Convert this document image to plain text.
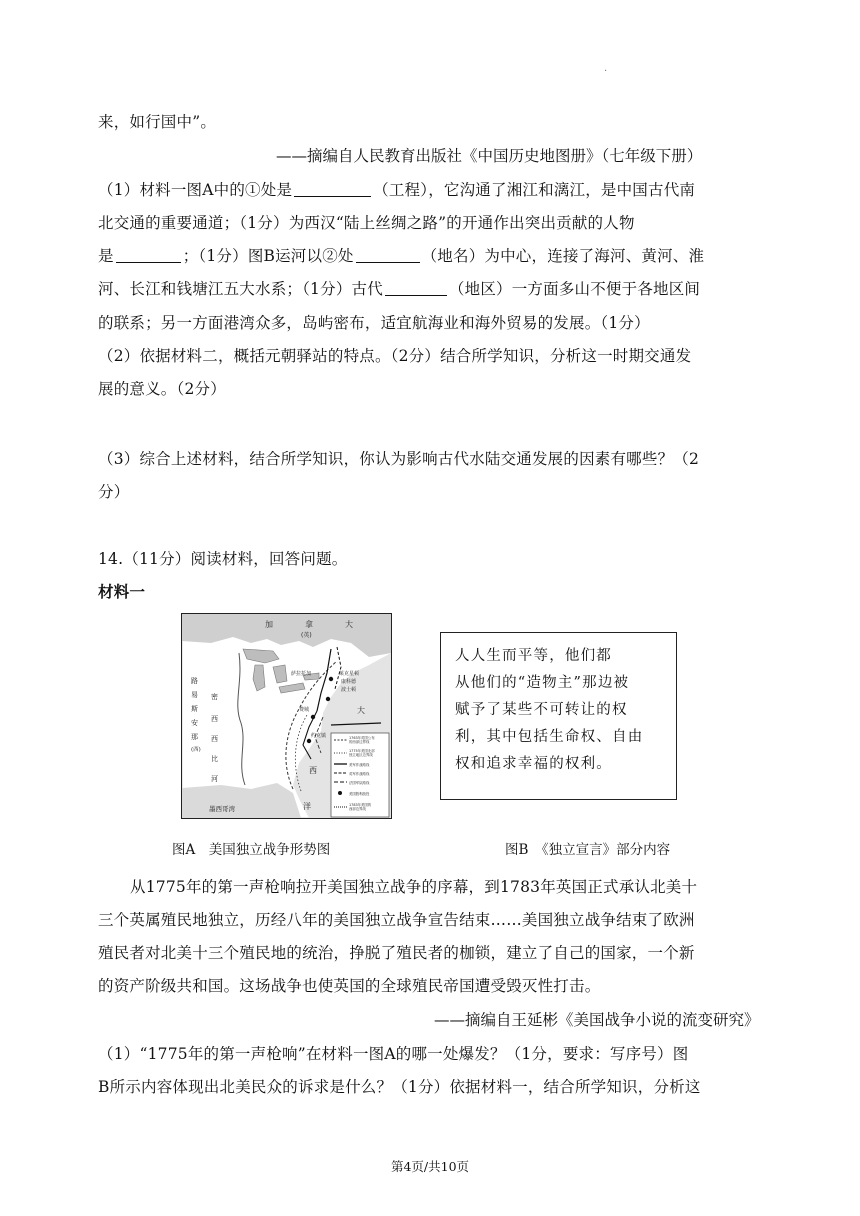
·
来，如行国中”。
——摘编自人民教育出版社《中国历史地图册》（七年级下册）
（1）材料一图A中的①处是	（工程），它沟通了湘江和漓江，是中国古代南
北交通的重要通道；（1分）为西汉“陆上丝绸之路”的开通作出突出贡献的人物
是	；（1分）图B运河以②处	（地名）为中心，连接了海河、黄河、淮
河、长江和钱塘江五大水系；（1分）古代	（地区）一方面多山不便于各地区间
的联系；另一方面港湾众多，岛屿密布，适宜航海业和海外贸易的发展。（1分）
（2）依据材料二，概括元朝驿站的特点。（2分）结合所学知识，分析这一时期交通发
展的意义。（2分）
（3）综合上述材料，结合所学知识，你认为影响古代水陆交通发展的因素有哪些？（2
分）
14.（11分）阅读材料，回答问题。
材料一
加	拿	大
(英)
路
易
斯
安
那
(西)
密
西
西
比
河
大
西
洋
墨西哥湾
萨拉托加	莱克星顿
康科德
波士顿
费城
约克镇	1763年英国公布
的西部边界线
1775年美国北部
独立地区边界线
美军作战路线
英军作战路线
法国军队路线
美国胜利战役
1783年美国的
西部边界线
人人生而平等，他们都
从他们的“造物主”那边被
赋予了某些不可转让的权
利，其中包括生命权、自由
权和追求幸福的权利。
图A　美国独立战争形势图	图B　《独立宣言》部分内容
从1775年的第一声枪响拉开美国独立战争的序幕，到1783年英国正式承认北美十
三个英属殖民地独立，历经八年的美国独立战争宣告结束……美国独立战争结束了欧洲
殖民者对北美十三个殖民地的统治，挣脱了殖民者的枷锁，建立了自己的国家，一个新
的资产阶级共和国。这场战争也使英国的全球殖民帝国遭受毁灭性打击。
——摘编自王延彬《美国战争小说的流变研究》
（1）“1775年的第一声枪响”在材料一图A的哪一处爆发？（1分，要求：写序号）图
B所示内容体现出北美民众的诉求是什么？（1分）依据材料一，结合所学知识，分析这
第4页/共10页
